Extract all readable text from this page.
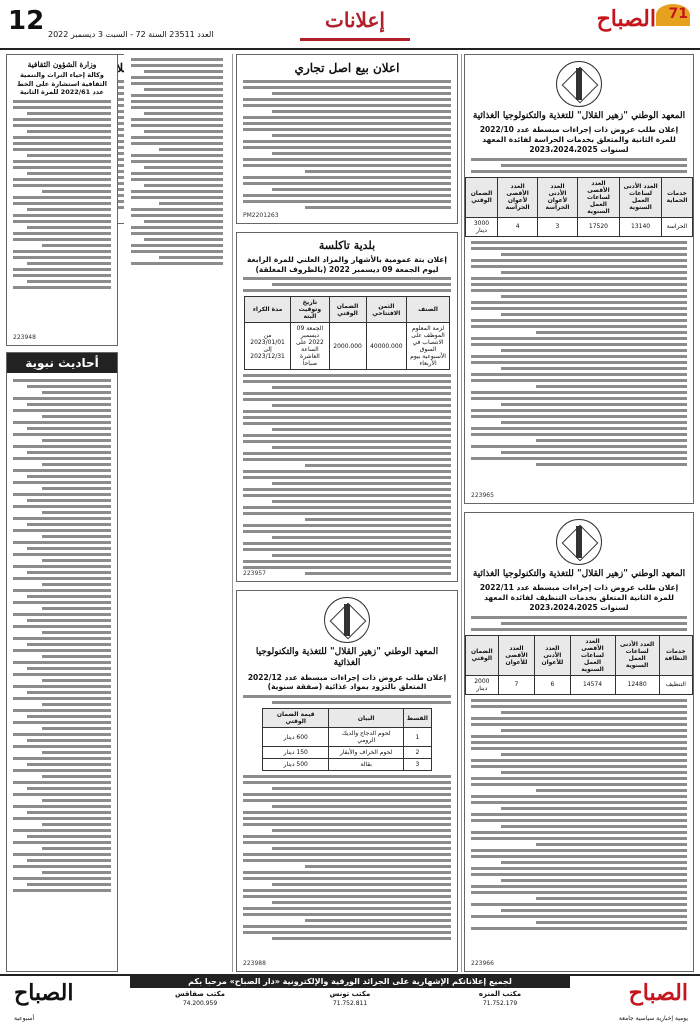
12 العدد 23511 السنة 72 - السبت 3 ديسمبر 2022
إعلانات	71
الصباح
المعهد الوطني "زهير القلال" للتغذية والتكنولوجيا الغذائية
إعلان طلب عروض ذات إجراءات مبسطة عدد 2022/10 للمرة الثانية والمتعلق بخدمات الحراسة لفائدة المعهد لسنوات 2023،2024،2025
خدمات الحماية	العدد الأدنى لساعات العمل السنوية	العدد الأقصى لساعات العمل السنوية	العدد الأدنى لأعوان الحراسة	العدد الأقصى لأعوان الحراسة	الضمان الوقتي
الحراسة	13140	17520	3	4	3000 دينار
223965
المعهد الوطني "زهير القلال" للتغذية والتكنولوجيا الغذائية
إعلان طلب عروض ذات إجراءات مبسطة عدد 2022/11 للمرة الثانية المتعلق بخدمات التنظيف لفائدة المعهد لسنوات 2023،2024،2025
خدمات النظافة	العدد الأدنى لساعات العمل السنوية	العدد الأقصى لساعات العمل السنوية	العدد الأدنى للأعوان	العدد الأقصى للأعوان	الضمان الوقتي
التنظيف	12480	14574	6	7	2000 دينار
223966
اعلان بيع اصل تجاري
PM2201263
بلدية تاكلسة
إعلان بتة عمومية بالأشهار والمزاد العلني للمرة الرابعة ليوم الجمعة 09 ديسمبر 2022 (بالظروف المغلقة)
الصنف	الثمن الافتتاحي	الضمان الوقتي	تاريخ وتوقيت البتة	مدة الكراء
لزمة المعلوم الموظف على الانتصاب في السوق الأسبوعية بيوم الأربعاء	40000.000	2000.000	الجمعة 09 ديسمبر 2022 على الساعة العاشرة صباحا	من 2023/01/01 إلى 2023/12/31
223957
المعهد الوطني "زهير القلال" للتغذية والتكنولوجيا الغذائية
إعلان طلب عروض ذات إجراءات مبسطة عدد 2022/12 المتعلق بالتزود بمواد غذائية (صفقة سنوية)
القسط	البيان	قيمة الضمان الوقتي
1	لحوم الدجاج والديك الرومي	600 دينار
2	لحوم الخراف والأبقار	150 دينار
3	بقالة	500 دينار
223988
وزارة الشؤون الثقافية
وكالة إحياء التراث والتنمية الثقافية استشارة على الخط عدد 2022/61 للمرة الثانية
223948
أحاديث نبوية
لجميع إعلاناتكم الإشهارية على الجرائد الورقية والإلكترونية «دار الصباح» مرحبا بكم	الصباح
يومية إخبارية سياسية جامعة
الصباح
أسبوعية
مكتب المنزه
71.752.179
مكتب تونس
71.752.811
مكتب صفاقس
74.200.959
